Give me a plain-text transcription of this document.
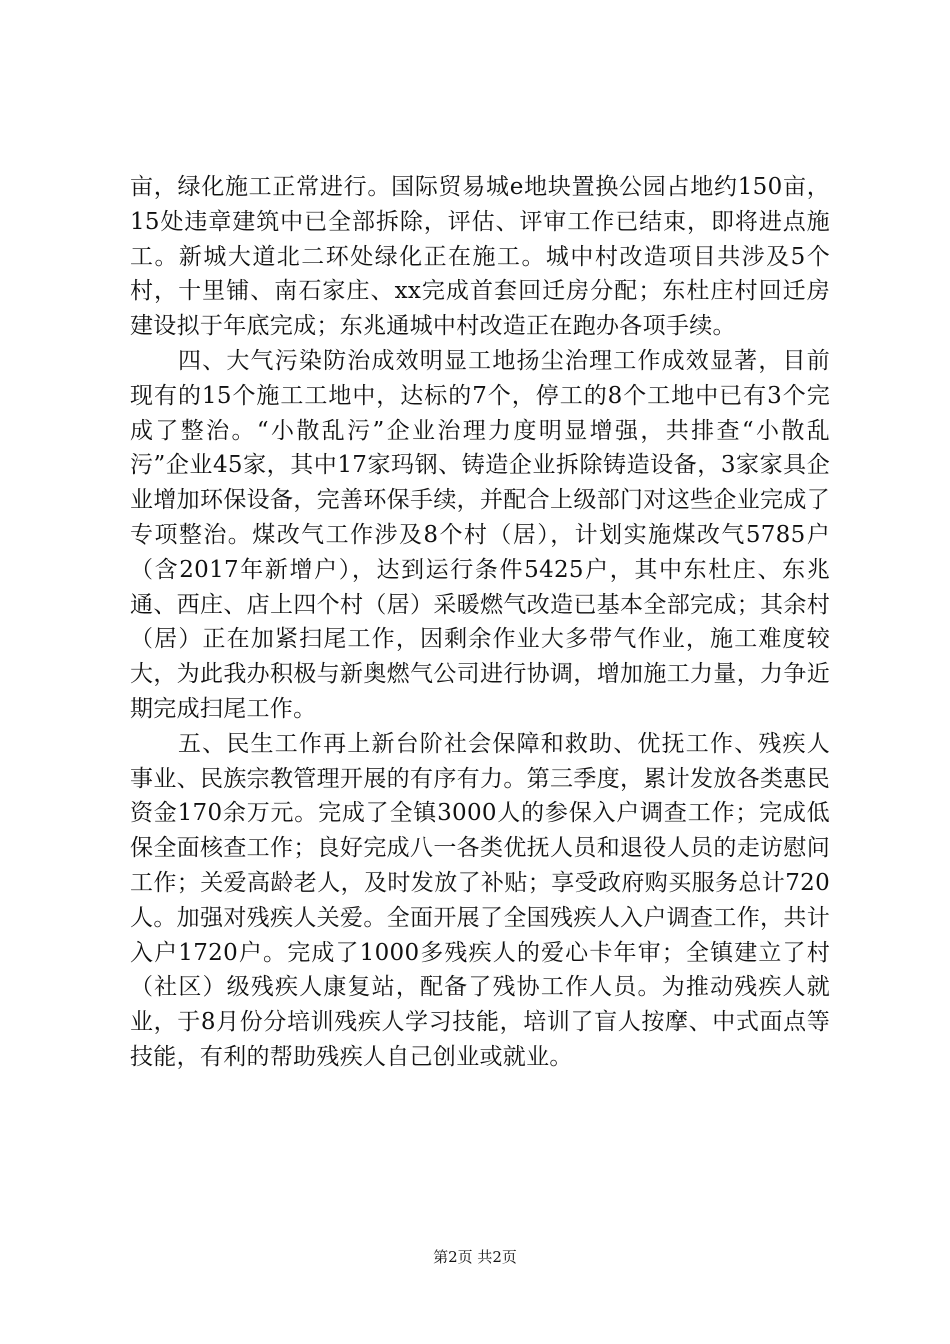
亩，绿化施工正常进行。国际贸易城e地块置换公园占地约150亩，15处违章建筑中已全部拆除，评估、评审工作已结束，即将进点施工。新城大道北二环处绿化正在施工。城中村改造项目共涉及5个村，十里铺、南石家庄、xx完成首套回迁房分配；东杜庄村回迁房建设拟于年底完成；东兆通城中村改造正在跑办各项手续。

四、大气污染防治成效明显工地扬尘治理工作成效显著，目前现有的15个施工工地中，达标的7个，停工的8个工地中已有3个完成了整治。“小散乱污”企业治理力度明显增强，共排查“小散乱污”企业45家，其中17家玛钢、铸造企业拆除铸造设备，3家家具企业增加环保设备，完善环保手续，并配合上级部门对这些企业完成了专项整治。煤改气工作涉及8个村（居），计划实施煤改气5785户（含2017年新增户），达到运行条件5425户，其中东杜庄、东兆通、西庄、店上四个村（居）采暖燃气改造已基本全部完成；其余村（居）正在加紧扫尾工作，因剩余作业大多带气作业，施工难度较大，为此我办积极与新奥燃气公司进行协调，增加施工力量，力争近期完成扫尾工作。

五、民生工作再上新台阶社会保障和救助、优抚工作、残疾人事业、民族宗教管理开展的有序有力。第三季度，累计发放各类惠民资金170余万元。完成了全镇3000人的参保入户调查工作；完成低保全面核查工作；良好完成八一各类优抚人员和退役人员的走访慰问工作；关爱高龄老人，及时发放了补贴；享受政府购买服务总计720人。加强对残疾人关爱。全面开展了全国残疾人入户调查工作，共计入户1720户。完成了1000多残疾人的爱心卡年审；全镇建立了村（社区）级残疾人康复站，配备了残协工作人员。为推动残疾人就业，于8月份分培训残疾人学习技能，培训了盲人按摩、中式面点等技能，有利的帮助残疾人自己创业或就业。

第2页 共2页
